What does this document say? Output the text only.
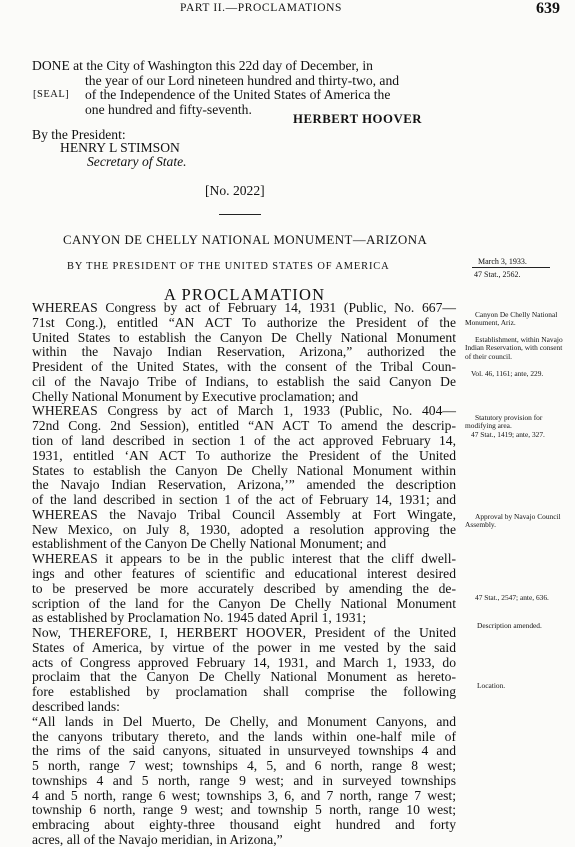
PART II.—PROCLAMATIONS	639
DONE at the City of Washington this 22d day of December, in
the year of our Lord nineteen hundred and thirty-two, and
[SEAL] of the Independence of the United States of America the
one hundred and fifty-seventh.
HERBERT HOOVER
By the President:
HENRY L STIMSON
Secretary of State.
[No. 2022]
CANYON DE CHELLY NATIONAL MONUMENT—ARIZONA
BY THE PRESIDENT OF THE UNITED STATES OF AMERICA	March 3, 1933.
47 Stat., 2562.
A PROCLAMATION
WHEREAS Congress by act of February 14, 1931 (Public, No. 667—
71st Cong.), entitled “AN ACT To authorize the President of the
United States to establish the Canyon De Chelly National Monument
within the Navajo Indian Reservation, Arizona,” authorized the
President of the United States, with the consent of the Tribal Coun-
cil of the Navajo Tribe of Indians, to establish the said Canyon De
Chelly National Monument by Executive proclamation; and
WHEREAS Congress by act of March 1, 1933 (Public, No. 404—
72nd Cong. 2nd Session), entitled “AN ACT To amend the descrip-
tion of land described in section 1 of the act approved February 14,
1931, entitled ‘AN ACT To authorize the President of the United
States to establish the Canyon De Chelly National Monument within
the Navajo Indian Reservation, Arizona,’” amended the description
of the land described in section 1 of the act of February 14, 1931; and
WHEREAS the Navajo Tribal Council Assembly at Fort Wingate,
New Mexico, on July 8, 1930, adopted a resolution approving the
establishment of the Canyon De Chelly National Monument; and
WHEREAS it appears to be in the public interest that the cliff dwell-
ings and other features of scientific and educational interest desired
to be preserved be more accurately described by amending the de-
scription of the land for the Canyon De Chelly National Monument
as established by Proclamation No. 1945 dated April 1, 1931;
Now, THEREFORE, I, HERBERT HOOVER, President of the United
States of America, by virtue of the power in me vested by the said
acts of Congress approved February 14, 1931, and March 1, 1933, do
proclaim that the Canyon De Chelly National Monument as hereto-
fore established by proclamation shall comprise the following
described lands:
“All lands in Del Muerto, De Chelly, and Monument Canyons, and
the canyons tributary thereto, and the lands within one-half mile of
the rims of the said canyons, situated in unsurveyed townships 4 and
5 north, range 7 west; townships 4, 5, and 6 north, range 8 west;
townships 4 and 5 north, range 9 west; and in surveyed townships
4 and 5 north, range 6 west; townships 3, 6, and 7 north, range 7 west;
township 6 north, range 9 west; and township 5 north, range 10 west;
embracing about eighty-three thousand eight hundred and forty
acres, all of the Navajo meridian, in Arizona,”
Canyon De Chelly National Monument, Ariz.
Establishment, within Navajo Indian Reservation, with consent of their council.
Vol. 46, 1161; ante, 229.
Statutory provision for modifying area.
47 Stat., 1419; ante, 327.
Approval by Navajo Council Assembly.
47 Stat., 2547; ante, 636.
Description amended.
Location.
